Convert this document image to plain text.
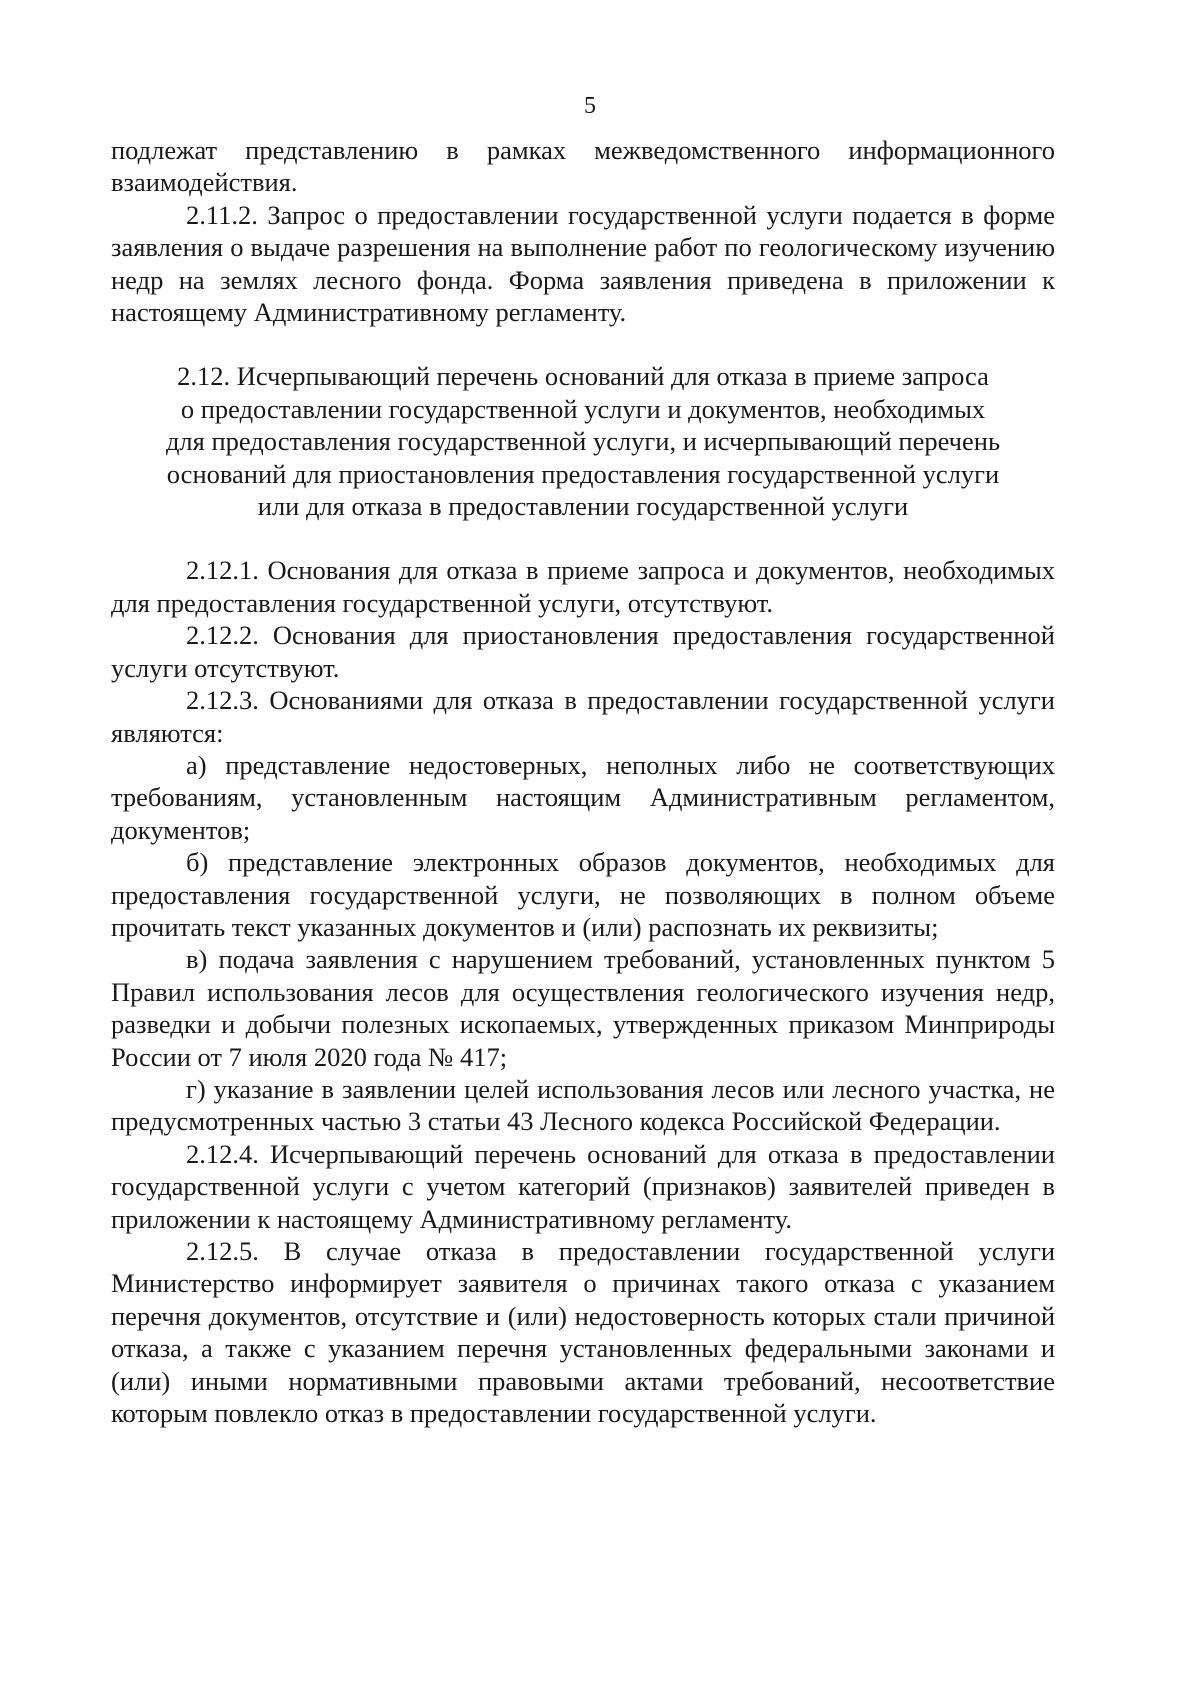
5

подлежат представлению в рамках межведомственного информационного взаимодействия.

2.11.2. Запрос о предоставлении государственной услуги подается в форме заявления о выдаче разрешения на выполнение работ по геологическому изучению недр на землях лесного фонда. Форма заявления приведена в приложении к настоящему Административному регламенту.

2.12. Исчерпывающий перечень оснований для отказа в приеме запроса
о предоставлении государственной услуги и документов, необходимых
для предоставления государственной услуги, и исчерпывающий перечень
оснований для приостановления предоставления государственной услуги
или для отказа в предоставлении государственной услуги

2.12.1. Основания для отказа в приеме запроса и документов, необходимых для предоставления государственной услуги, отсутствуют.

2.12.2. Основания для приостановления предоставления государственной услуги отсутствуют.

2.12.3. Основаниями для отказа в предоставлении государственной услуги являются:

а) представление недостоверных, неполных либо не соответствующих требованиям, установленным настоящим Административным регламентом, документов;

б) представление электронных образов документов, необходимых для предоставления государственной услуги, не позволяющих в полном объеме прочитать текст указанных документов и (или) распознать их реквизиты;

в) подача заявления с нарушением требований, установленных пунктом 5 Правил использования лесов для осуществления геологического изучения недр, разведки и добычи полезных ископаемых, утвержденных приказом Минприроды России от 7 июля 2020 года № 417;

г) указание в заявлении целей использования лесов или лесного участка, не предусмотренных частью 3 статьи 43 Лесного кодекса Российской Федерации.

2.12.4. Исчерпывающий перечень оснований для отказа в предоставлении государственной услуги с учетом категорий (признаков) заявителей приведен в приложении к настоящему Административному регламенту.

2.12.5. В случае отказа в предоставлении государственной услуги Министерство информирует заявителя о причинах такого отказа с указанием перечня документов, отсутствие и (или) недостоверность которых стали причиной отказа, а также с указанием перечня установленных федеральными законами и (или) иными нормативными правовыми актами требований, несоответствие которым повлекло отказ в предоставлении государственной услуги.
